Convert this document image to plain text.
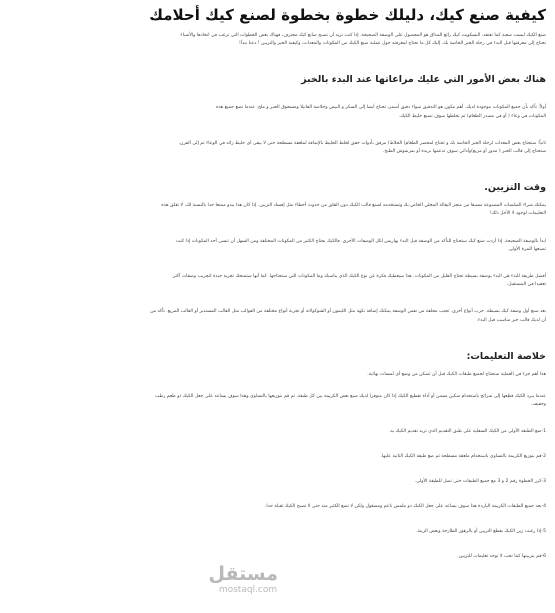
كيفية صنع كيك، دليلك خطوة بخطوة لصنع كيك أحلامك

صنع الكيك ليست صعبة كما تعتقد، البسكويت كيك رائع المذاق هو المحصول على الوصفة الصحيحة. إذا كنت تريد أن تصبح صانع كيك محترف، فهناك بعض الخطوات التي ترغب في اتخاذها والأشياء
تحتاج إلى معرفتها قبل البدء في رحلة الخبز الخاصة بك. إليك كل ما تحتاج لمعرفته حول عملية صنع الكيك من المكونات والمعدات، وكيفية الخبز والتزيين ! دعنا نبدأ!

هناك بعض الأمور التي عليك مراعاتها عند البدء بالخبز

أولاً: تأكد بأن جميع المكونات موجودة لديك. أهم مكون هو التدقيق سواء دقيق أسمر، تحتاج أيضا إلى السكر و البيض وخلاصة الفانيلا ومسحوق الخبز و ملح. عندما تضع جميع هذه
المكونات في وعاء ( أو في مصدر الطعام) ثم تخلطها سوف تصنع خليط الكيك.

ثانياً: ستحتاج بعض المعدات لرحلة الخبز الخاصة بك و تحتاج لمحضر الطعام( الخلاط) مرفق بأدوات خفق لخلط الخليط بالإضافة لملعقة مسطحة حتى لا يبقى أي خليط زائد في الوعاء ثم إلى الفرن.
ستحتاج إلى قالب الخبز ( مدور أو مربع)وأداتي سوف تدعمها بزبدة أو بمرشوش الطبخ.

وقت التزيين.

يمكنك شراء الصلصات المصنوعة مسبقا من متجر البقالة المحلي الخاص بك وتستخدمه لصنع قالب الكيك دون القلق من حدوث أخطاء مثل إفساد التزيين. إذا كان هذا يبدو ممتعا جدا بالنسبة لك، لا تقلق هذه
التعليمات لوجود لا الأخل ذلك!

ابدأ بالوصفة الصحيحة. إذا أردت صنع كيك ستحتاج للتأكد من الوصفة قبل البدء بهاريس لكل الوصفات الأخرى. فالكيك يحتاج الكثير من المكونات المختلفة ومن السهل أن تنسى أحد المكونات إذا كنت
تصنعها للمرة الأولى.

أفضل طريقة للبدء هي البدء بوصفة بسيطة تحتاج القليل من المكونات. هذا سيعطيك فكرة عن نوع الكيك الذي يناسبك وما المكونات التي ستحتاجها. كما أنها ستمنحك تجربة جيدة لتجريب وصفات أكثر
تعقيدا في المستقبل.

بعد صنع أول وصفة كيك بسيطة. جرب أنواع أخرى. تجنب مخلفة من نفس الوصفة يمكنك إضافة نكهة مثل الليمون أو الشوكولاتة أو تجربة أنواع مختلفة من القوالب مثل القالب المستدير أو القالب المربع. تأكد من
أن لديك قالب خبز مناسب قبل البدء.

خلاصة التعليمات:

هذا أهم جزء في العملية ستحتاج لجميع طبقات الكيك قبل أن تتمكن من وضع أي لمسات نهائية.

عندما يبرد الكيك قطعها إلى شرائح باستخدام سكين مسنن أو أداة تقطيع الكيك إذا كان متوفرا لديك صنع بعض الكريمة بين كل طبقة. ثم قم بتوزيعها بالتساوي وهذا سوف يساعد على جعل الكيك ذو طعم رطب
وخفيف.

1-ضع الطبقة الأولى من الكيك السفلية على طبق التقديم الذي تريد تقديم الكيك به.

2-قم بتوزيع الكريمة بالتساوي باستخدام ملعقة مسطحة ثم ضع طبقة الكيك الثانية عليها.

3-كرر الخطوة رقم 2 و 3 مع جميع الطبقات حتى تصل للطبقة الأولى.

4-بعد جميع الطبقات الكريمة الباردة هذا سوف يساعد على جعل الكيك ذو ملمس ناعم ومصقول ولكن لا تضع الكثير منه حتى لا تصبح الكيك ثقيلة جدا.

5-إذا رغبت زين الكيك بقطع التزيين أو بالزهور الطازجة وبعض الزينة.

6-قم بتزيينها كما تحب لا توجد تعليمات للتزيين.

مستقل
mostaql.com
